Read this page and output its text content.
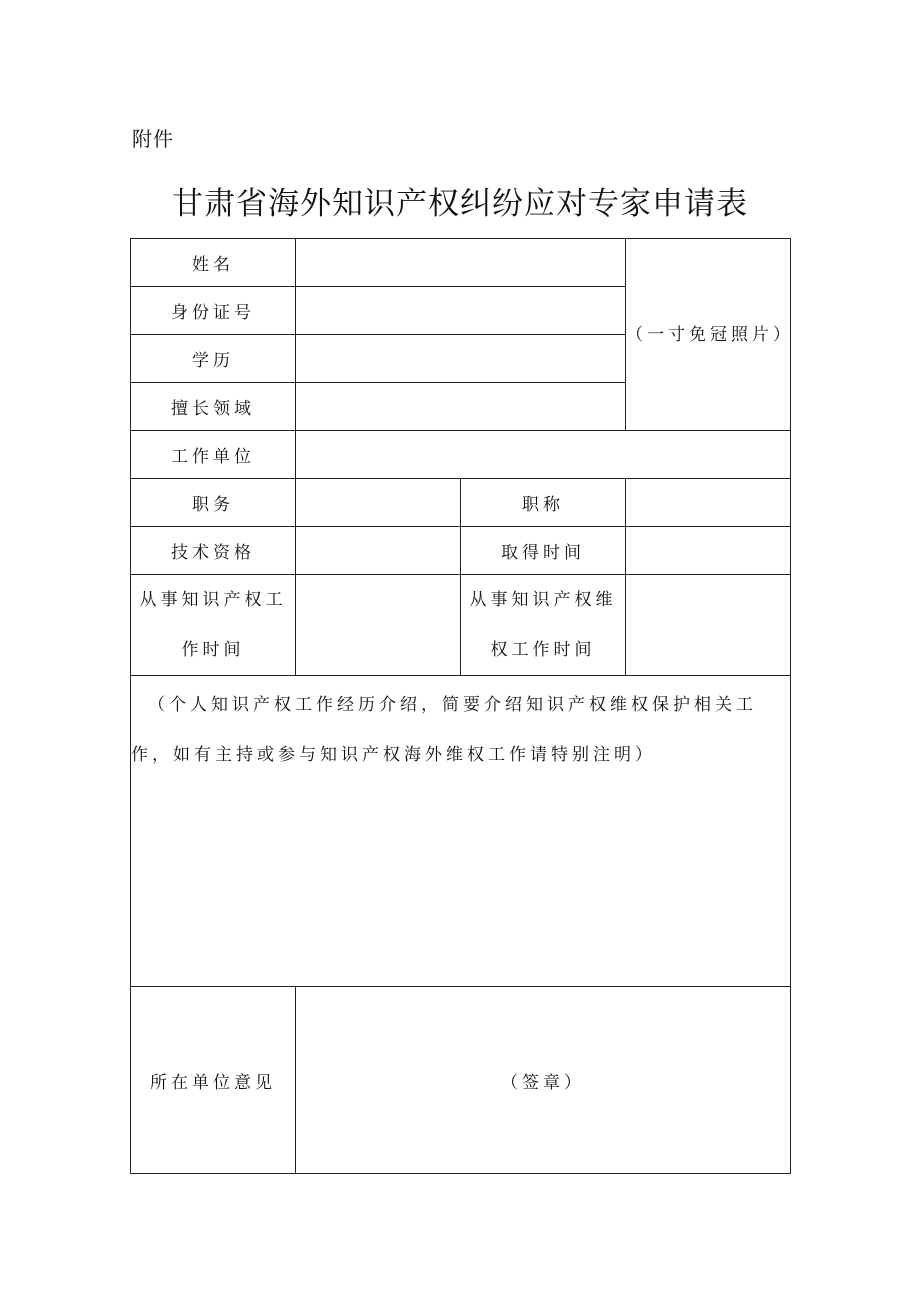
附件
甘肃省海外知识产权纠纷应对专家申请表
姓名			（一寸免冠照片）
身份证号			
学历			
擅长领域			
工作单位			
职务		职称	
技术资格		取得时间	
从事知识产权工作时间		从事知识产权维权工作时间	

（个人知识产权工作经历介绍，简要介绍知识产权维权保护相关工作，如有主持或参与知识产权海外维权工作请特别注明）			

所在单位意见	（签章）		
